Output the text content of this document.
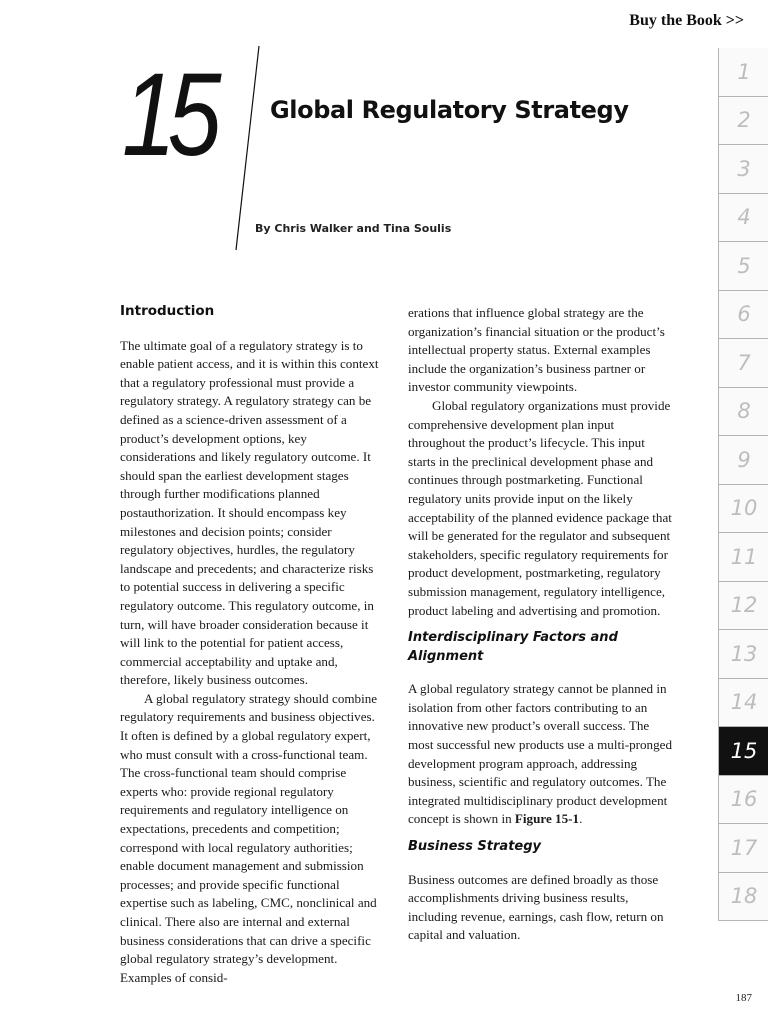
Buy the Book >>
15 Global Regulatory Strategy
By Chris Walker and Tina Soulis
Introduction

The ultimate goal of a regulatory strategy is to enable patient access, and it is within this context that a regulatory professional must provide a regulatory strategy. A regulatory strategy can be defined as a science-driven assessment of a product’s development options, key considerations and likely regulatory outcome. It should span the earliest development stages through further modifications planned postauthorization. It should encompass key milestones and decision points; consider regulatory objectives, hurdles, the regulatory landscape and precedents; and characterize risks to potential success in delivering a specific regulatory outcome. This regulatory outcome, in turn, will have broader consideration because it will link to the potential for patient access, commercial acceptability and uptake and, therefore, likely business outcomes.

A global regulatory strategy should combine regulatory requirements and business objectives. It often is defined by a global regulatory expert, who must consult with a cross-functional team. The cross-functional team should comprise experts who: provide regional regulatory requirements and regulatory intelligence on expectations, precedents and competition; correspond with local regulatory authorities; enable document management and submission processes; and provide specific functional expertise such as labeling, CMC, nonclinical and clinical. There also are internal and external business considerations that can drive a specific global regulatory strategy’s development. Examples of consid-

erations that influence global strategy are the organization’s financial situation or the product’s intellectual property status. External examples include the organization’s business partner or investor community viewpoints.

Global regulatory organizations must provide comprehensive development plan input throughout the product’s lifecycle. This input starts in the preclinical development phase and continues through postmarketing. Functional regulatory units provide input on the likely acceptability of the planned evidence package that will be generated for the regulator and subsequent stakeholders, specific regulatory requirements for product development, postmarketing, regulatory submission management, regulatory intelligence, product labeling and advertising and promotion.

Interdisciplinary Factors and Alignment

A global regulatory strategy cannot be planned in isolation from other factors contributing to an innovative new product’s overall success. The most successful new products use a multi-pronged development program approach, addressing business, scientific and regulatory outcomes. The integrated multidisciplinary product development concept is shown in Figure 15-1.

Business Strategy

Business outcomes are defined broadly as those accomplishments driving business results, including revenue, earnings, cash flow, return on capital and valuation.

1
2
3
4
5
6
7
8
9
10
11
12
13
14
15
16
17
18
187
